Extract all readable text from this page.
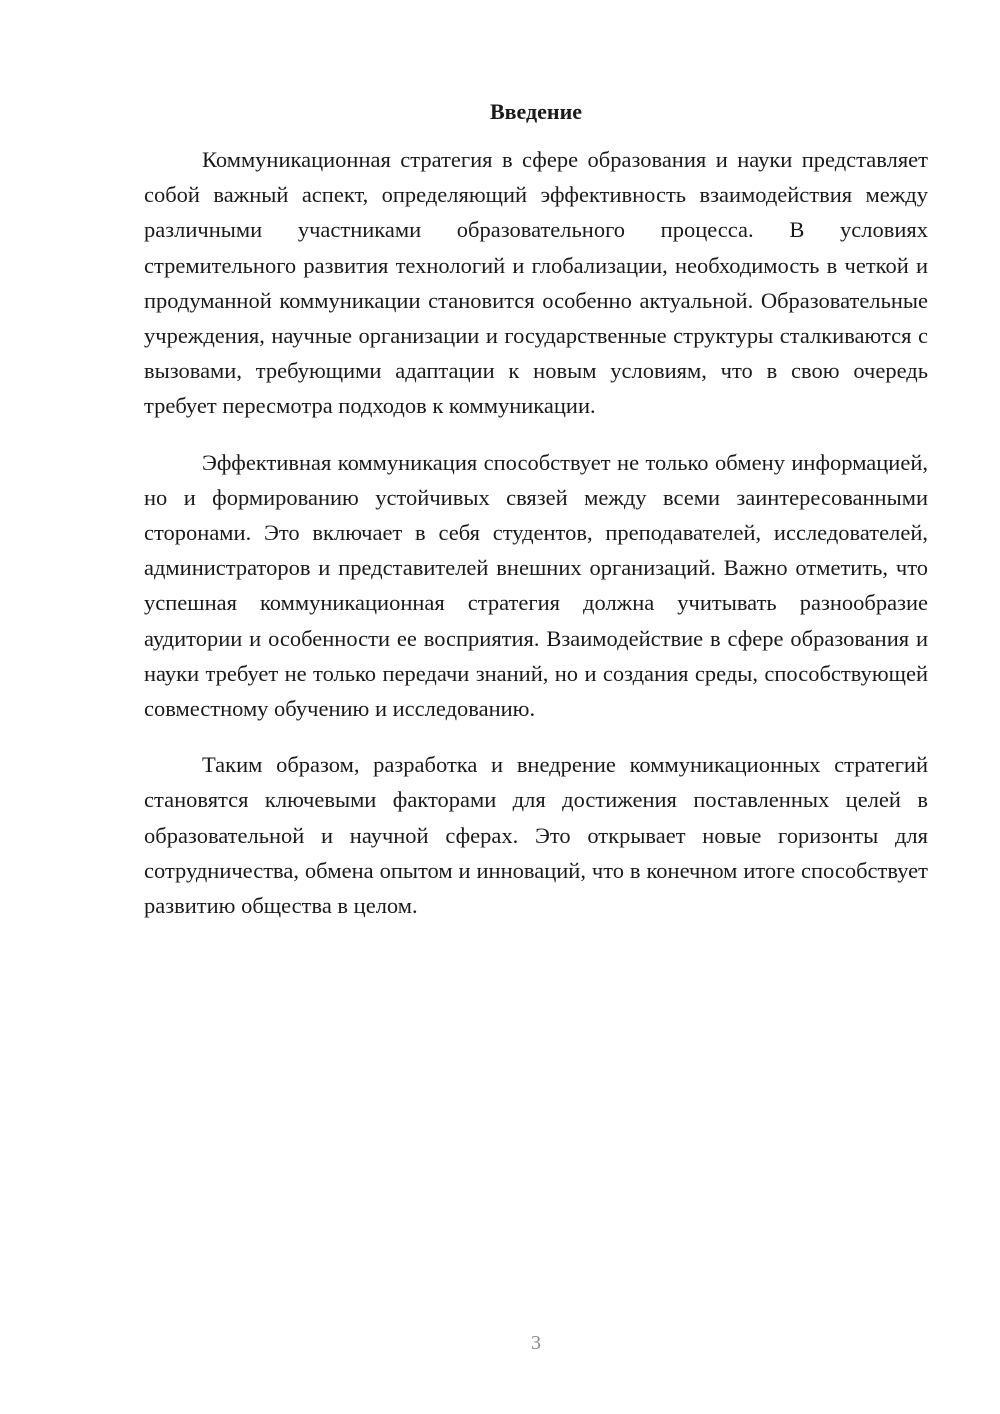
Введение

Коммуникационная стратегия в сфере образования и науки представляет собой важный аспект, определяющий эффективность взаимодействия между различными участниками образовательного процесса. В условиях стремительного развития технологий и глобализации, необходимость в четкой и продуманной коммуникации становится особенно актуальной. Образовательные учреждения, научные организации и государственные структуры сталкиваются с вызовами, требующими адаптации к новым условиям, что в свою очередь требует пересмотра подходов к коммуникации.

Эффективная коммуникация способствует не только обмену информацией, но и формированию устойчивых связей между всеми заинтересованными сторонами. Это включает в себя студентов, преподавателей, исследователей, администраторов и представителей внешних организаций. Важно отметить, что успешная коммуникационная стратегия должна учитывать разнообразие аудитории и особенности ее восприятия. Взаимодействие в сфере образования и науки требует не только передачи знаний, но и создания среды, способствующей совместному обучению и исследованию.

Таким образом, разработка и внедрение коммуникационных стратегий становятся ключевыми факторами для достижения поставленных целей в образовательной и научной сферах. Это открывает новые горизонты для сотрудничества, обмена опытом и инноваций, что в конечном итоге способствует развитию общества в целом.

3
